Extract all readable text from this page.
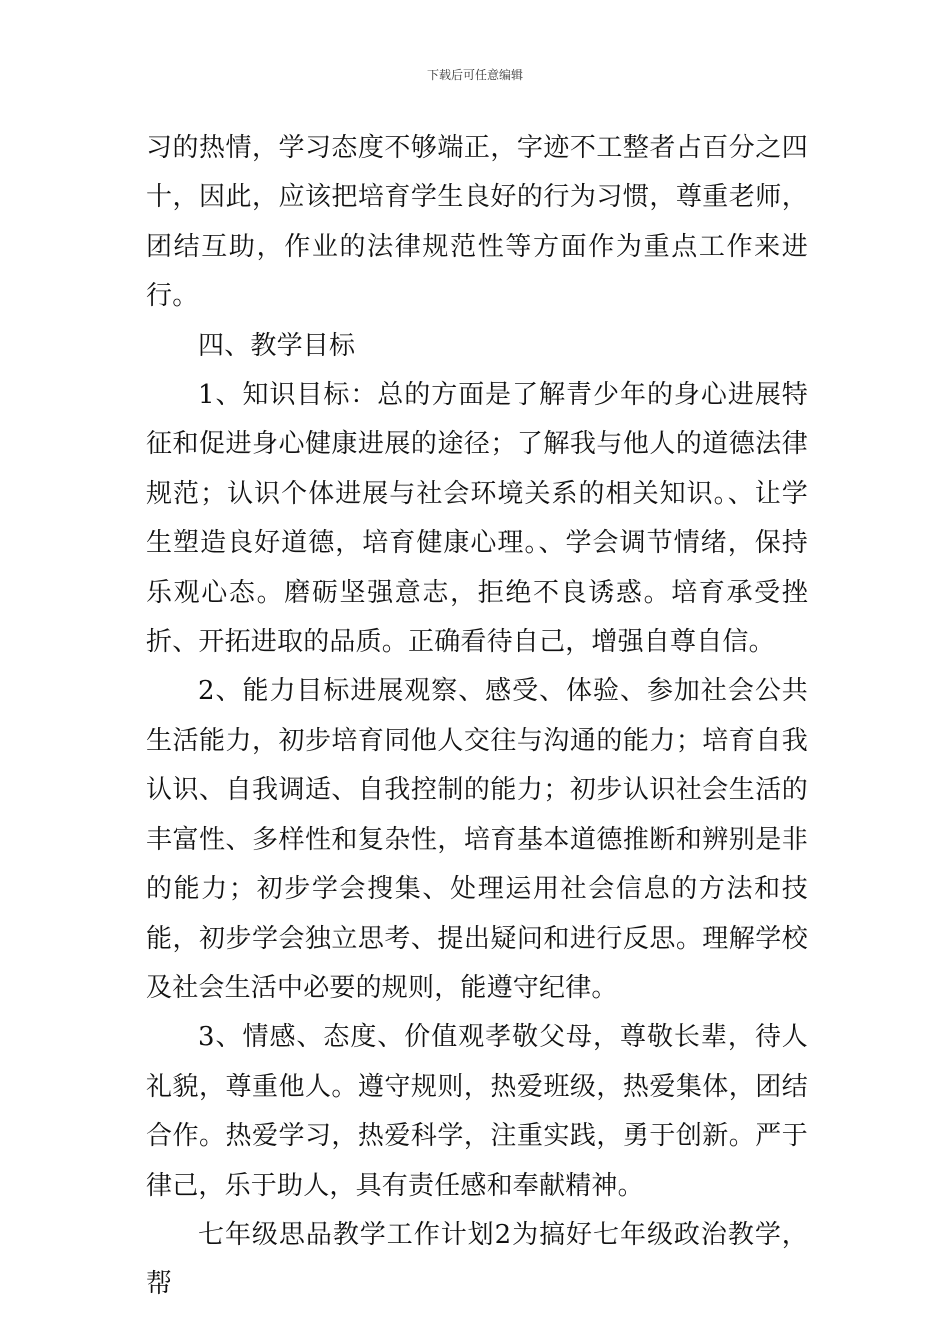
下载后可任意编辑

习的热情，学习态度不够端正，字迹不工整者占百分之四十，因此，应该把培育学生良好的行为习惯，尊重老师，团结互助，作业的法律规范性等方面作为重点工作来进行。

四、教学目标

1、知识目标：总的方面是了解青少年的身心进展特征和促进身心健康进展的途径；了解我与他人的道德法律规范；认识个体进展与社会环境关系的相关知识。、让学生塑造良好道德，培育健康心理。、学会调节情绪，保持乐观心态。磨砺坚强意志，拒绝不良诱惑。培育承受挫折、开拓进取的品质。正确看待自己，增强自尊自信。

2、能力目标进展观察、感受、体验、参加社会公共生活能力，初步培育同他人交往与沟通的能力；培育自我认识、自我调适、自我控制的能力；初步认识社会生活的丰富性、多样性和复杂性，培育基本道德推断和辨别是非的能力；初步学会搜集、处理运用社会信息的方法和技能，初步学会独立思考、提出疑问和进行反思。理解学校及社会生活中必要的规则，能遵守纪律。

3、情感、态度、价值观孝敬父母，尊敬长辈，待人礼貌，尊重他人。遵守规则，热爱班级，热爱集体，团结合作。热爱学习，热爱科学，注重实践，勇于创新。严于律己，乐于助人，具有责任感和奉献精神。

七年级思品教学工作计划2为搞好七年级政治教学，帮
